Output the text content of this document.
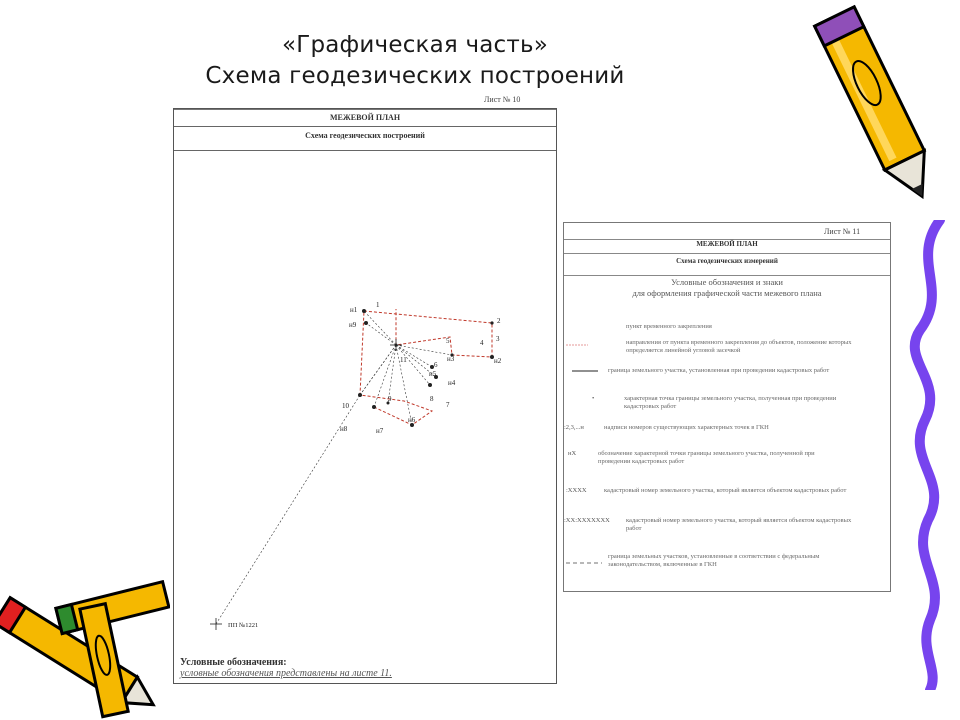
«Графическая часть»
Схема геодезических построений
Лист № 10
МЕЖЕВОЙ ПЛАН
Схема геодезических построений
н1
н9
1
2
3
4
5
н3	н2
11
6
н5
н4
н6
7
8
9
10
н7
н8
ПП №1221
Условные обозначения:
условные обозначения представлены на листе 11.
Лист № 11
МЕЖЕВОЙ ПЛАН
Схема геодезических измерений
Условные обозначения и знаки
для оформления графической части межевого плана
•
:2,3,...н
нХ
:XXXX
:XX:XXXXXXX
пункт временного закрепления
направления от пункта временного закрепления до объектов, положение которых определяется линейной угловой засечкой
граница земельного участка, установленная при проведении кадастровых работ
характерная точка границы земельного участка, полученная при проведении кадастровых работ
надписи номеров существующих характерных точек в ГКН
обозначение характерной точки границы земельного участка, полученной при проведении кадастровых работ
кадастровый номер земельного участка, который является объектом кадастровых работ
кадастровый номер земельного участка, который является объектом кадастровых работ
граница земельных участков, установленные в соответствии с федеральным законодательством, включенные в ГКН
